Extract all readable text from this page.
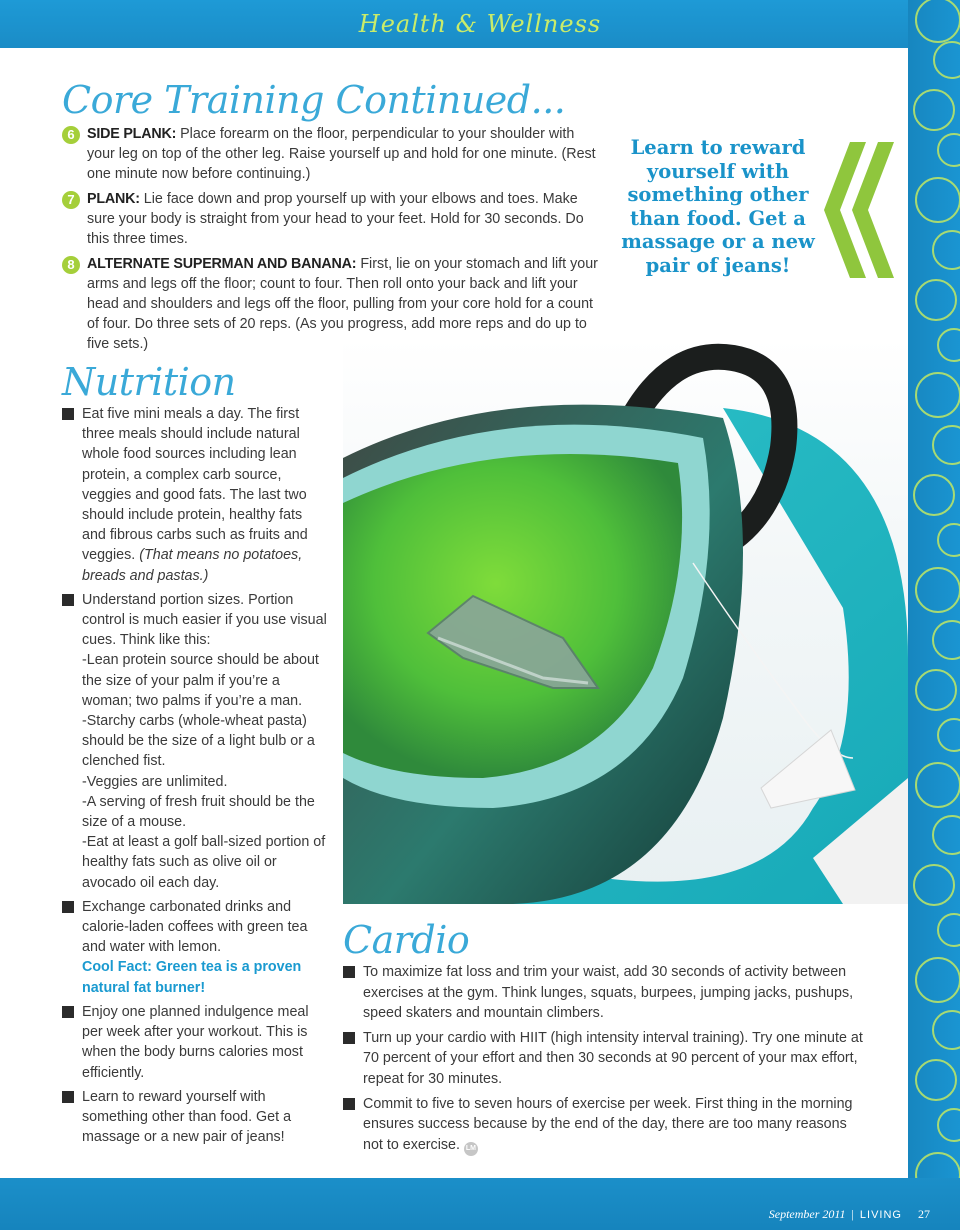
Health & Wellness
Core Training Continued...
6 SIDE PLANK: Place forearm on the floor, perpendicular to your shoulder with your leg on top of the other leg. Raise yourself up and hold for one minute. (Rest one minute now before continuing.)
7 PLANK: Lie face down and prop yourself up with your elbows and toes. Make sure your body is straight from your head to your feet. Hold for 30 seconds. Do this three times.
8 ALTERNATE SUPERMAN AND BANANA: First, lie on your stomach and lift your arms and legs off the floor; count to four. Then roll onto your back and lift your head and shoulders and legs off the floor, pulling from your core hold for a count of four. Do three sets of 20 reps. (As you progress, add more reps and do up to five sets.)
Learn to reward yourself with something other than food. Get a massage or a new pair of jeans!
Nutrition
Eat five mini meals a day. The first three meals should include natural whole food sources including lean protein, a complex carb source, veggies and good fats. The last two should include protein, healthy fats and fibrous carbs such as fruits and veggies. (That means no potatoes, breads and pastas.)
Understand portion sizes. Portion control is much easier if you use visual cues. Think like this:
-Lean protein source should be about the size of your palm if you’re a woman; two palms if you’re a man.
-Starchy carbs (whole-wheat pasta) should be the size of a light bulb or a clenched fist.
-Veggies are unlimited.
-A serving of fresh fruit should be the size of a mouse.
-Eat at least a golf ball-sized portion of healthy fats such as olive oil or avocado oil each day.
Exchange carbonated drinks and calorie-laden coffees with green tea and water with lemon.
Cool Fact: Green tea is a proven natural fat burner!
Enjoy one planned indulgence meal per week after your workout. This is when the body burns calories most efficiently.
Learn to reward yourself with something other than food. Get a massage or a new pair of jeans!
Cardio
To maximize fat loss and trim your waist, add 30 seconds of activity between exercises at the gym. Think lunges, squats, burpees, jumping jacks, pushups, speed skaters and mountain climbers.
Turn up your cardio with HIIT (high intensity interval training). Try one minute at 70 percent of your effort and then 30 seconds at 90 percent of your max effort, repeat for 30 minutes.
Commit to five to seven hours of exercise per week. First thing in the morning ensures success because by the end of the day, there are too many reasons not to exercise. LM
September 2011 | LIVING 27
